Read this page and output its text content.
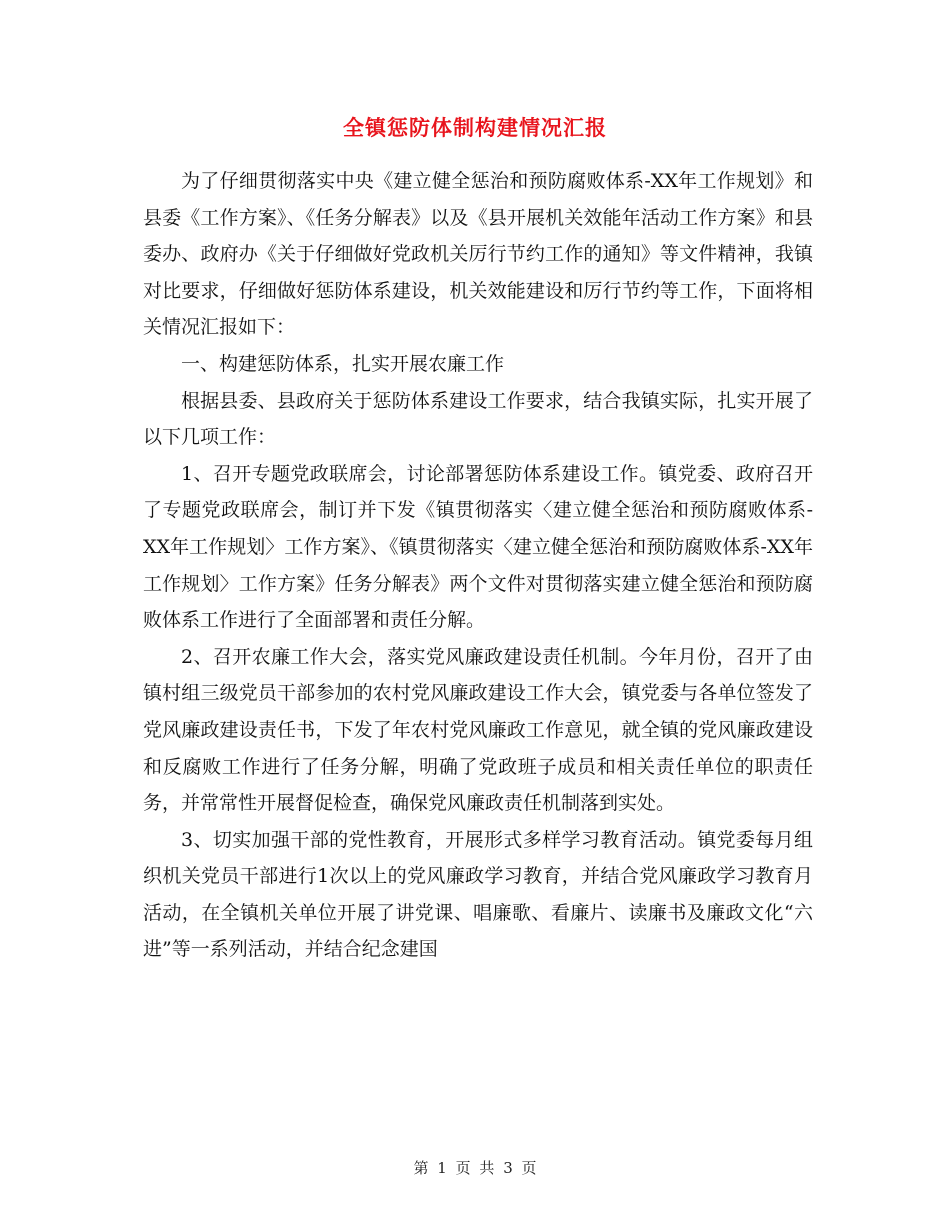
全镇惩防体制构建情况汇报

为了仔细贯彻落实中央《建立健全惩治和预防腐败体系-XX年工作规划》和县委《工作方案》、《任务分解表》以及《县开展机关效能年活动工作方案》和县委办、政府办《关于仔细做好党政机关厉行节约工作的通知》等文件精神，我镇对比要求，仔细做好惩防体系建设，机关效能建设和厉行节约等工作，下面将相关情况汇报如下：

一、构建惩防体系，扎实开展农廉工作

根据县委、县政府关于惩防体系建设工作要求，结合我镇实际，扎实开展了以下几项工作：

1、召开专题党政联席会，讨论部署惩防体系建设工作。镇党委、政府召开了专题党政联席会，制订并下发《镇贯彻落实〈建立健全惩治和预防腐败体系-XX年工作规划〉工作方案》、《镇贯彻落实〈建立健全惩治和预防腐败体系-XX年工作规划〉工作方案》任务分解表》两个文件对贯彻落实建立健全惩治和预防腐败体系工作进行了全面部署和责任分解。

2、召开农廉工作大会，落实党风廉政建设责任机制。今年月份，召开了由镇村组三级党员干部参加的农村党风廉政建设工作大会，镇党委与各单位签发了党风廉政建设责任书，下发了年农村党风廉政工作意见，就全镇的党风廉政建设和反腐败工作进行了任务分解，明确了党政班子成员和相关责任单位的职责任务，并常常性开展督促检查，确保党风廉政责任机制落到实处。

3、切实加强干部的党性教育，开展形式多样学习教育活动。镇党委每月组织机关党员干部进行1次以上的党风廉政学习教育，并结合党风廉政学习教育月活动，在全镇机关单位开展了讲党课、唱廉歌、看廉片、读廉书及廉政文化“六进”等一系列活动，并结合纪念建国

第 1 页 共 3 页
